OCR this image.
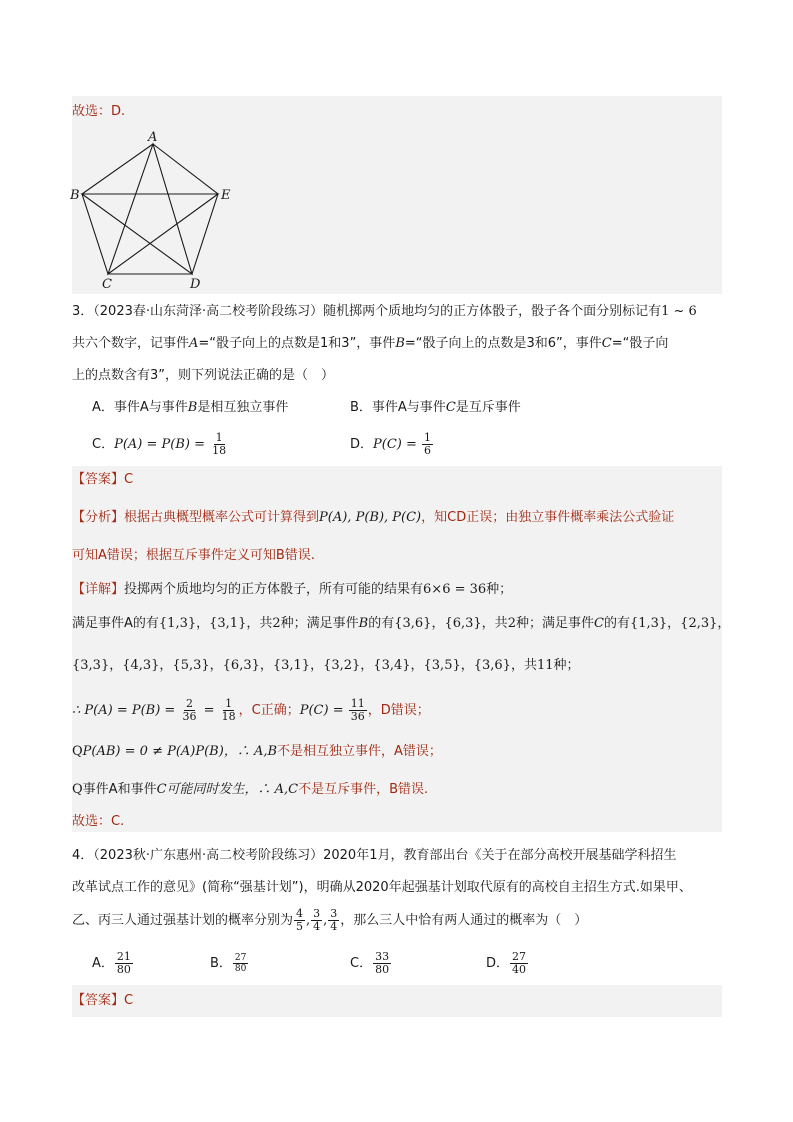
故选：D.
A
B
C	D
E
3．（2023春·山东菏泽·高二校考阶段练习）随机掷两个质地均匀的正方体骰子，骰子各个面分别标记有1 ~ 6
共六个数字，记事件A=“骰子向上的点数是1和3”，事件B=“骰子向上的点数是3和6”，事件C=“骰子向
上的点数含有3”，则下列说法正确的是（　）
A．事件A与事件B是相互独立事件	B．事件A与事件C是互斥事件
C．$P(A) = P(B) = \frac{1}{18}$	D．$P(C) = \frac{1}{6}$
【答案】C
【分析】根据古典概型概率公式可计算得到P(A), P(B), P(C)，知CD正误；由独立事件概率乘法公式验证
可知A错误；根据互斥事件定义可知B错误.
【详解】投掷两个质地均匀的正方体骰子，所有可能的结果有6×6 = 36种；
满足事件A的有{1,3}，{3,1}，共2种；满足事件B的有{3,6}，{6,3}，共2种；满足事件C的有{1,3}，{2,3}，
{3,3}，{4,3}，{5,3}，{6,3}，{3,1}，{3,2}，{3,4}，{3,5}，{3,6}，共11种；
∴ $P(A) = P(B) = \frac{2}{36} = \frac{1}{18}$ ，C正确；$P(C) = \frac{11}{36}$ ，D错误；
QP(AB) = 0 ≠ P(A)P(B)，∴ A,B不是相互独立事件，A错误；
Q事件A和事件C可能同时发生，∴ A,C不是互斥事件，B错误.
故选：C.
4．（2023秋·广东惠州·高二校考阶段练习）2020年1月，教育部出台《关于在部分高校开展基础学科招生
改革试点工作的意见》(简称“强基计划”)，明确从2020年起强基计划取代原有的高校自主招生方式.如果甲、
乙、丙三人通过强基计划的概率分别为 $\frac{4}{5}$ , $\frac{3}{4}$ , $\frac{3}{4}$ ，那么三人中恰有两人通过的概率为（　）
A． $\frac{21}{80}$	B． $\frac{27}{80}$	C． $\frac{33}{80}$	D． $\frac{27}{40}$
【答案】C
